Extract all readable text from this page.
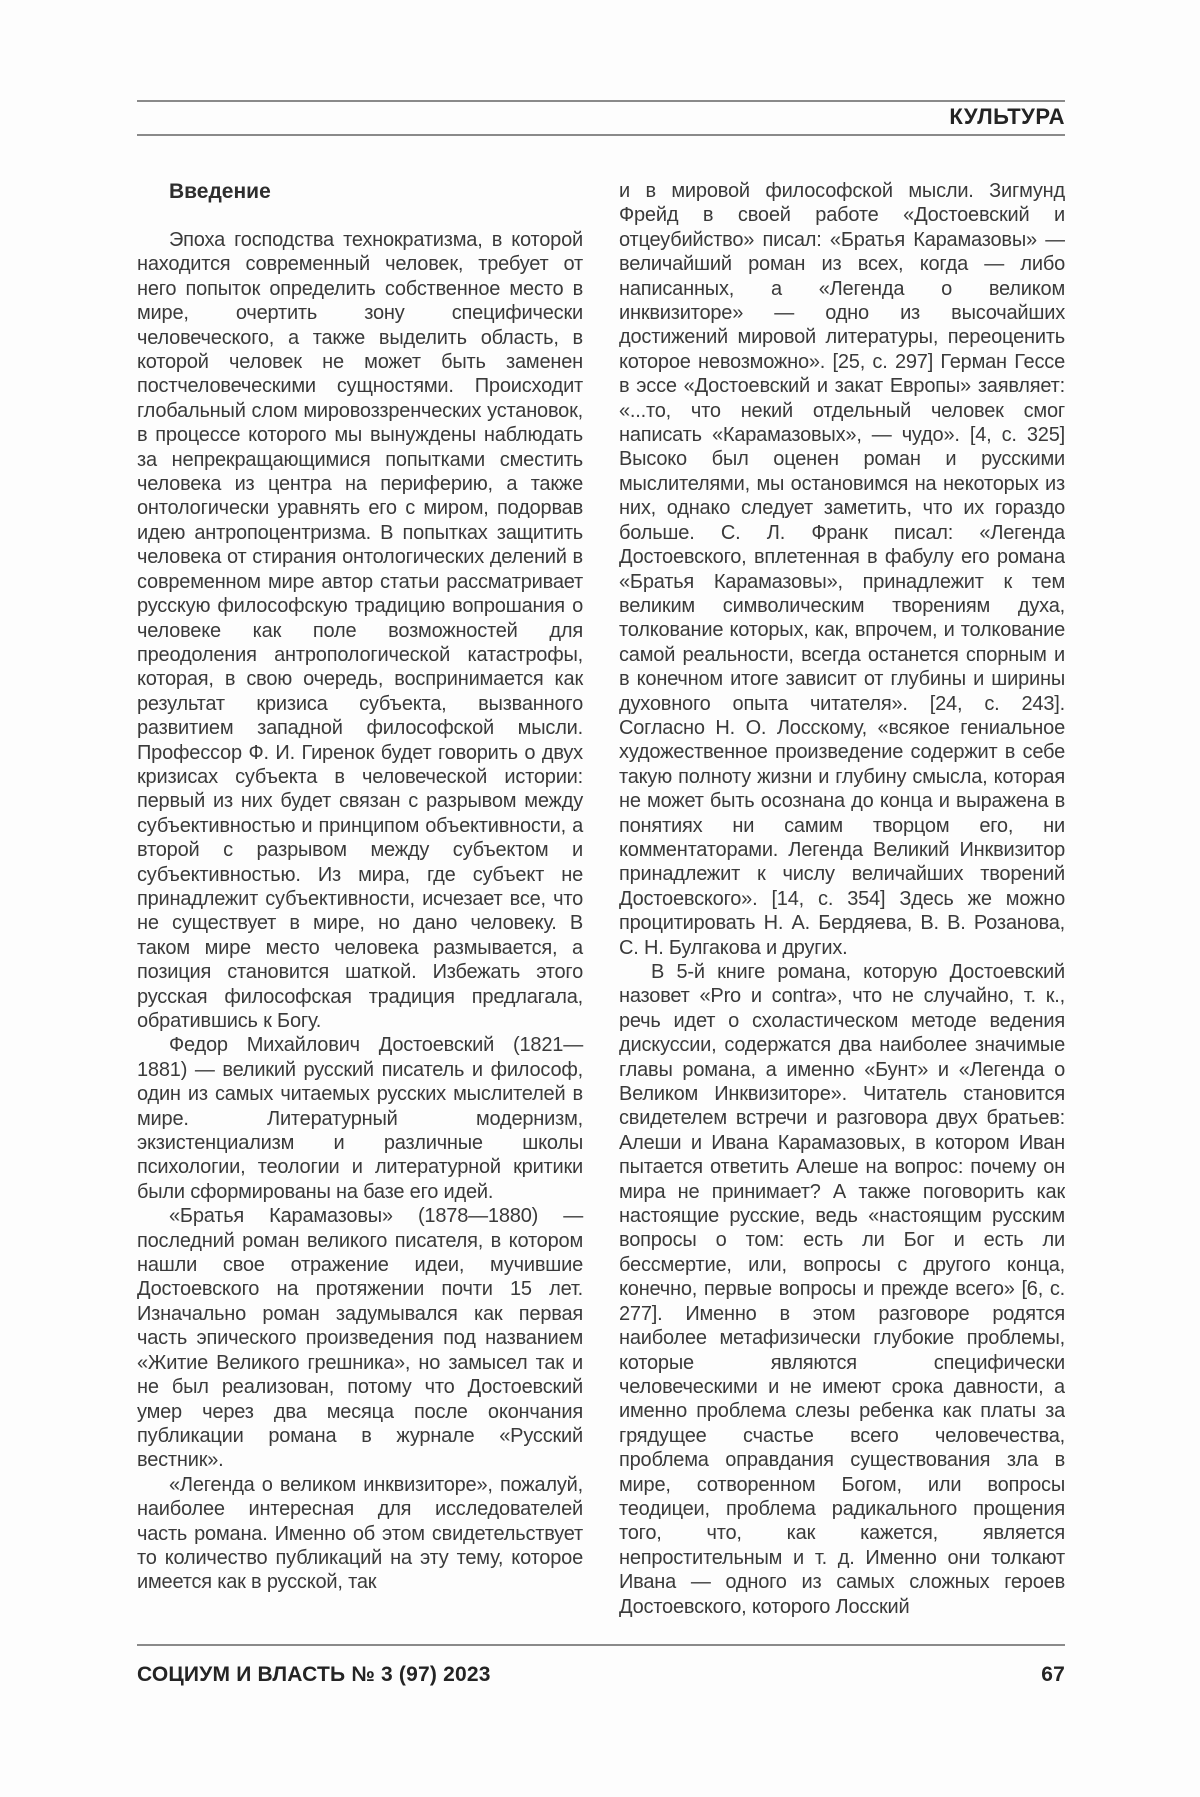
КУЛЬТУРА
Введение

Эпоха господства технократизма, в которой находится современный человек, требует от него попыток определить собственное место в мире, очертить зону специфически человеческого, а также выделить область, в которой человек не может быть заменен постчеловеческими сущностями. Происходит глобальный слом мировоззренческих установок, в процессе которого мы вынуждены наблюдать за непрекращающимися попытками сместить человека из центра на периферию, а также онтологически уравнять его с миром, подорвав идею антропоцентризма. В попытках защитить человека от стирания онтологических делений в современном мире автор статьи рассматривает русскую философскую традицию вопрошания о человеке как поле возможностей для преодоления антропологической катастрофы, которая, в свою очередь, воспринимается как результат кризиса субъекта, вызванного развитием западной философской мысли. Профессор Ф. И. Гиренок будет говорить о двух кризисах субъекта в человеческой истории: первый из них будет связан с разрывом между субъективностью и принципом объективности, а второй с разрывом между субъектом и субъективностью. Из мира, где субъект не принадлежит субъективности, исчезает все, что не существует в мире, но дано человеку. В таком мире место человека размывается, а позиция становится шаткой. Избежать этого русская философская традиция предлагала, обратившись к Богу.

Федор Михайлович Достоевский (1821—1881) — великий русский писатель и философ, один из самых читаемых русских мыслителей в мире. Литературный модернизм, экзистенциализм и различные школы психологии, теологии и литературной критики были сформированы на базе его идей.

«Братья Карамазовы» (1878—1880) — последний роман великого писателя, в котором нашли свое отражение идеи, мучившие Достоевского на протяжении почти 15 лет. Изначально роман задумывался как первая часть эпического произведения под названием «Житие Великого грешника», но замысел так и не был реализован, потому что Достоевский умер через два месяца после окончания публикации романа в журнале «Русский вестник».

«Легенда о великом инквизиторе», пожалуй, наиболее интересная для исследователей часть романа. Именно об этом свидетельствует то количество публикаций на эту тему, которое имеется как в русской, так

и в мировой философской мысли. Зигмунд Фрейд в своей работе «Достоевский и отцеубийство» писал: «Братья Карамазовы» — величайший роман из всех, когда — либо написанных, а «Легенда о великом инквизиторе» — одно из высочайших достижений мировой литературы, переоценить которое невозможно». [25, с. 297] Герман Гессе в эссе «Достоевский и закат Европы» заявляет: «...то, что некий отдельный человек смог написать «Карамазовых», — чудо». [4, с. 325] Высоко был оценен роман и русскими мыслителями, мы остановимся на некоторых из них, однако следует заметить, что их гораздо больше. С. Л. Франк писал: «Легенда Достоевского, вплетенная в фабулу его романа «Братья Карамазовы», принадлежит к тем великим символическим творениям духа, толкование которых, как, впрочем, и толкование самой реальности, всегда останется спорным и в конечном итоге зависит от глубины и ширины духовного опыта читателя». [24, с. 243]. Согласно Н. О. Лосскому, «всякое гениальное художественное произведение содержит в себе такую полноту жизни и глубину смысла, которая не может быть осознана до конца и выражена в понятиях ни самим творцом его, ни комментаторами. Легенда Великий Инквизитор принадлежит к числу величайших творений Достоевского». [14, с. 354] Здесь же можно процитировать Н. А. Бердяева, В. В. Розанова, С. Н. Булгакова и других.

В 5-й книге романа, которую Достоевский назовет «Pro и contra», что не случайно, т. к., речь идет о схоластическом методе ведения дискуссии, содержатся два наиболее значимые главы романа, а именно «Бунт» и «Легенда о Великом Инквизиторе». Читатель становится свидетелем встречи и разговора двух братьев: Алеши и Ивана Карамазовых, в котором Иван пытается ответить Алеше на вопрос: почему он мира не принимает? А также поговорить как настоящие русские, ведь «настоящим русским вопросы о том: есть ли Бог и есть ли бессмертие, или, вопросы с другого конца, конечно, первые вопросы и прежде всего» [6, с. 277]. Именно в этом разговоре родятся наиболее метафизически глубокие проблемы, которые являются специфически человеческими и не имеют срока давности, а именно проблема слезы ребенка как платы за грядущее счастье всего человечества, проблема оправдания существования зла в мире, сотворенном Богом, или вопросы теодицеи, проблема радикального прощения того, что, как кажется, является непростительным и т. д. Именно они толкают Ивана — одного из самых сложных героев Достоевского, которого Лосский

СОЦИУМ И ВЛАСТЬ № 3 (97) 2023	67
